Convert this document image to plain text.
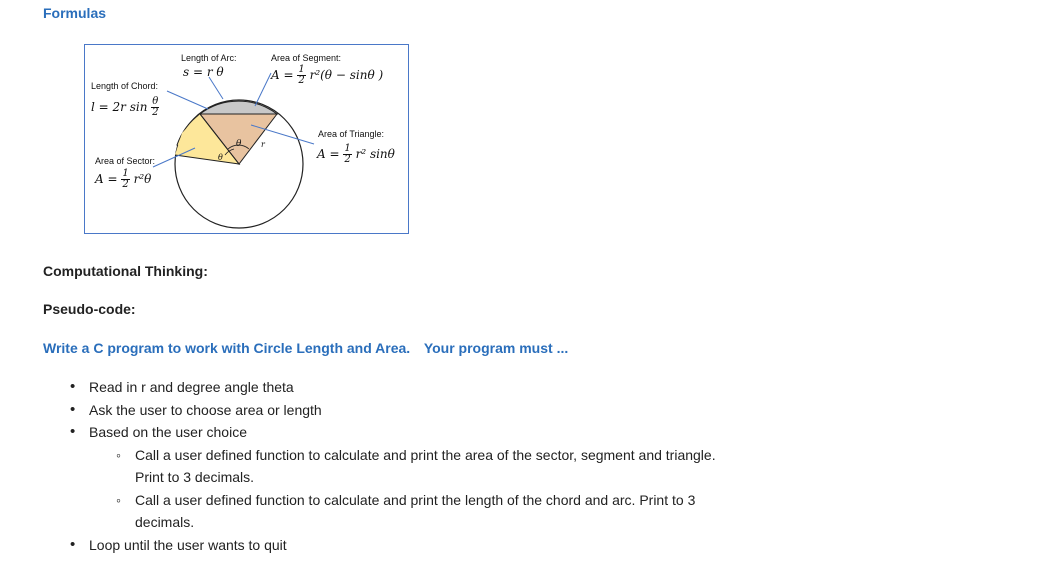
Formulas
Length of Arc:
s = r θ
Area of Segment:
$A = \frac{1}{2} r^2(\theta - \sin\theta$ )
Length of Chord:
l = 2r $\sin \frac{\theta}{2}$
Area of Sector:
$A = \frac{1}{2} r^2\theta$
Area of Triangle:
$A = \frac{1}{2} r^2$ sinθ
θ
θ
r
Computational Thinking:
Pseudo-code:
Write a C program to work with Circle Length and Area. Your program must ...
• Read in r and degree angle theta
• Ask the user to choose area or length
• Based on the user choice
◦ Call a user defined function to calculate and print the area of the sector, segment and triangle. Print to 3 decimals.
◦ Call a user defined function to calculate and print the length of the chord and arc. Print to 3 decimals.
• Loop until the user wants to quit
